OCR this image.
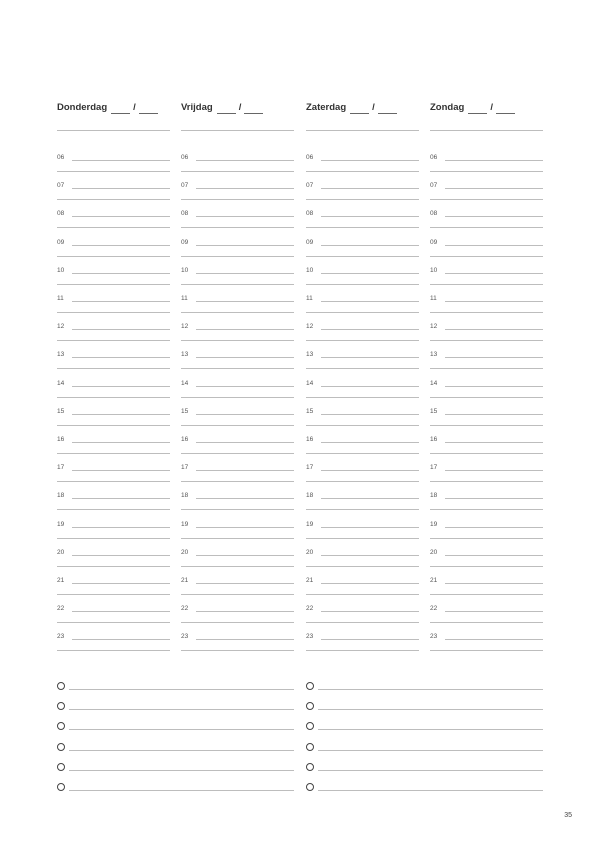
Donderdag	/
06
07
08
09
10
11
12
13
14
15
16
17
18
19
20
21
22
23
Vrijdag	/
06
07
08
09
10
11
12
13
14
15
16
17
18
19
20
21
22
23
Zaterdag	/
06
07
08
09
10
11
12
13
14
15
16
17
18
19
20
21
22
23
Zondag	/
06
07
08
09
10
11
12
13
14
15
16
17
18
19
20
21
22
23
35
